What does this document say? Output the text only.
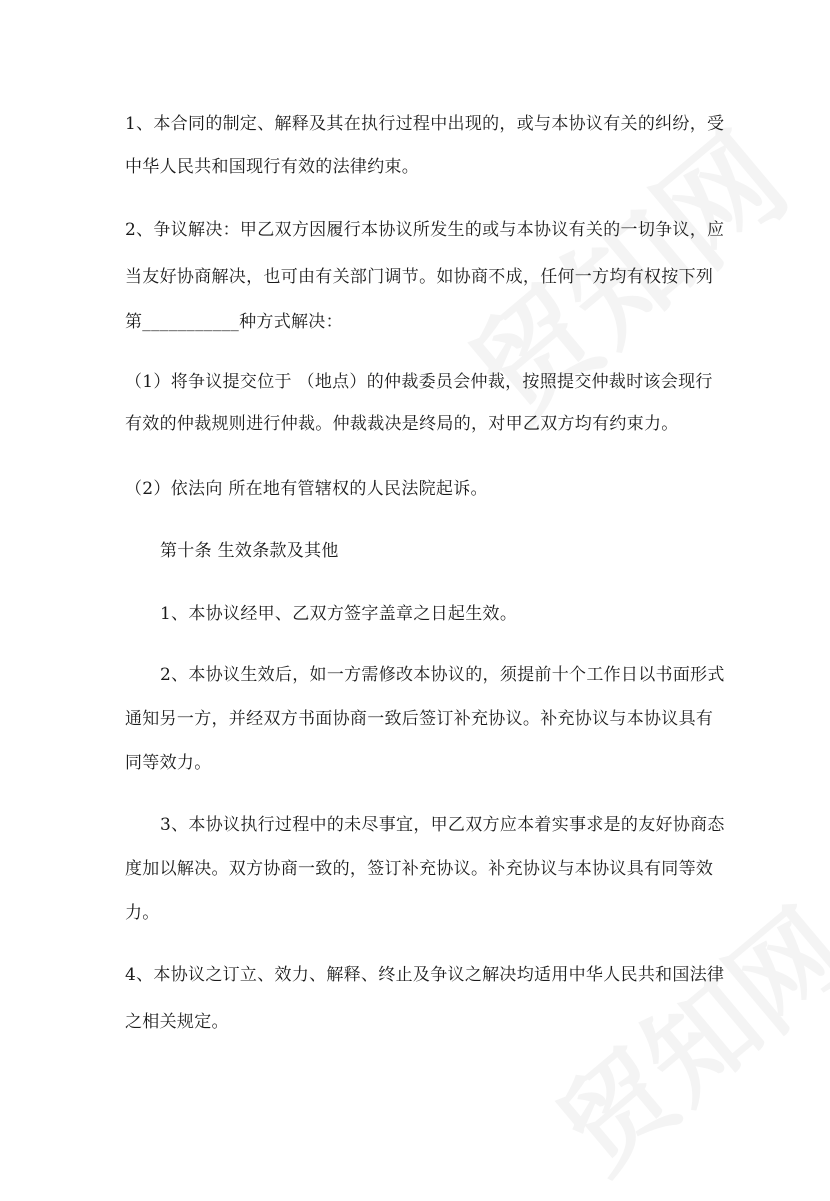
1、本合同的制定、解释及其在执行过程中出现的，或与本协议有关的纠纷，受
中华人民共和国现行有效的法律约束。
2、争议解决：甲乙双方因履行本协议所发生的或与本协议有关的一切争议，应
当友好协商解决，也可由有关部门调节。如协商不成，任何一方均有权按下列
第___________种方式解决：
（1）将争议提交位于 （地点）的仲裁委员会仲裁，按照提交仲裁时该会现行
有效的仲裁规则进行仲裁。仲裁裁决是终局的，对甲乙双方均有约束力。
（2）依法向 所在地有管辖权的人民法院起诉。
第十条 生效条款及其他
1、本协议经甲、乙双方签字盖章之日起生效。
2、本协议生效后，如一方需修改本协议的，须提前十个工作日以书面形式
通知另一方，并经双方书面协商一致后签订补充协议。补充协议与本协议具有
同等效力。
3、本协议执行过程中的未尽事宜，甲乙双方应本着实事求是的友好协商态
度加以解决。双方协商一致的，签订补充协议。补充协议与本协议具有同等效
力。
4、本协议之订立、效力、解释、终止及争议之解决均适用中华人民共和国法律
之相关规定。
